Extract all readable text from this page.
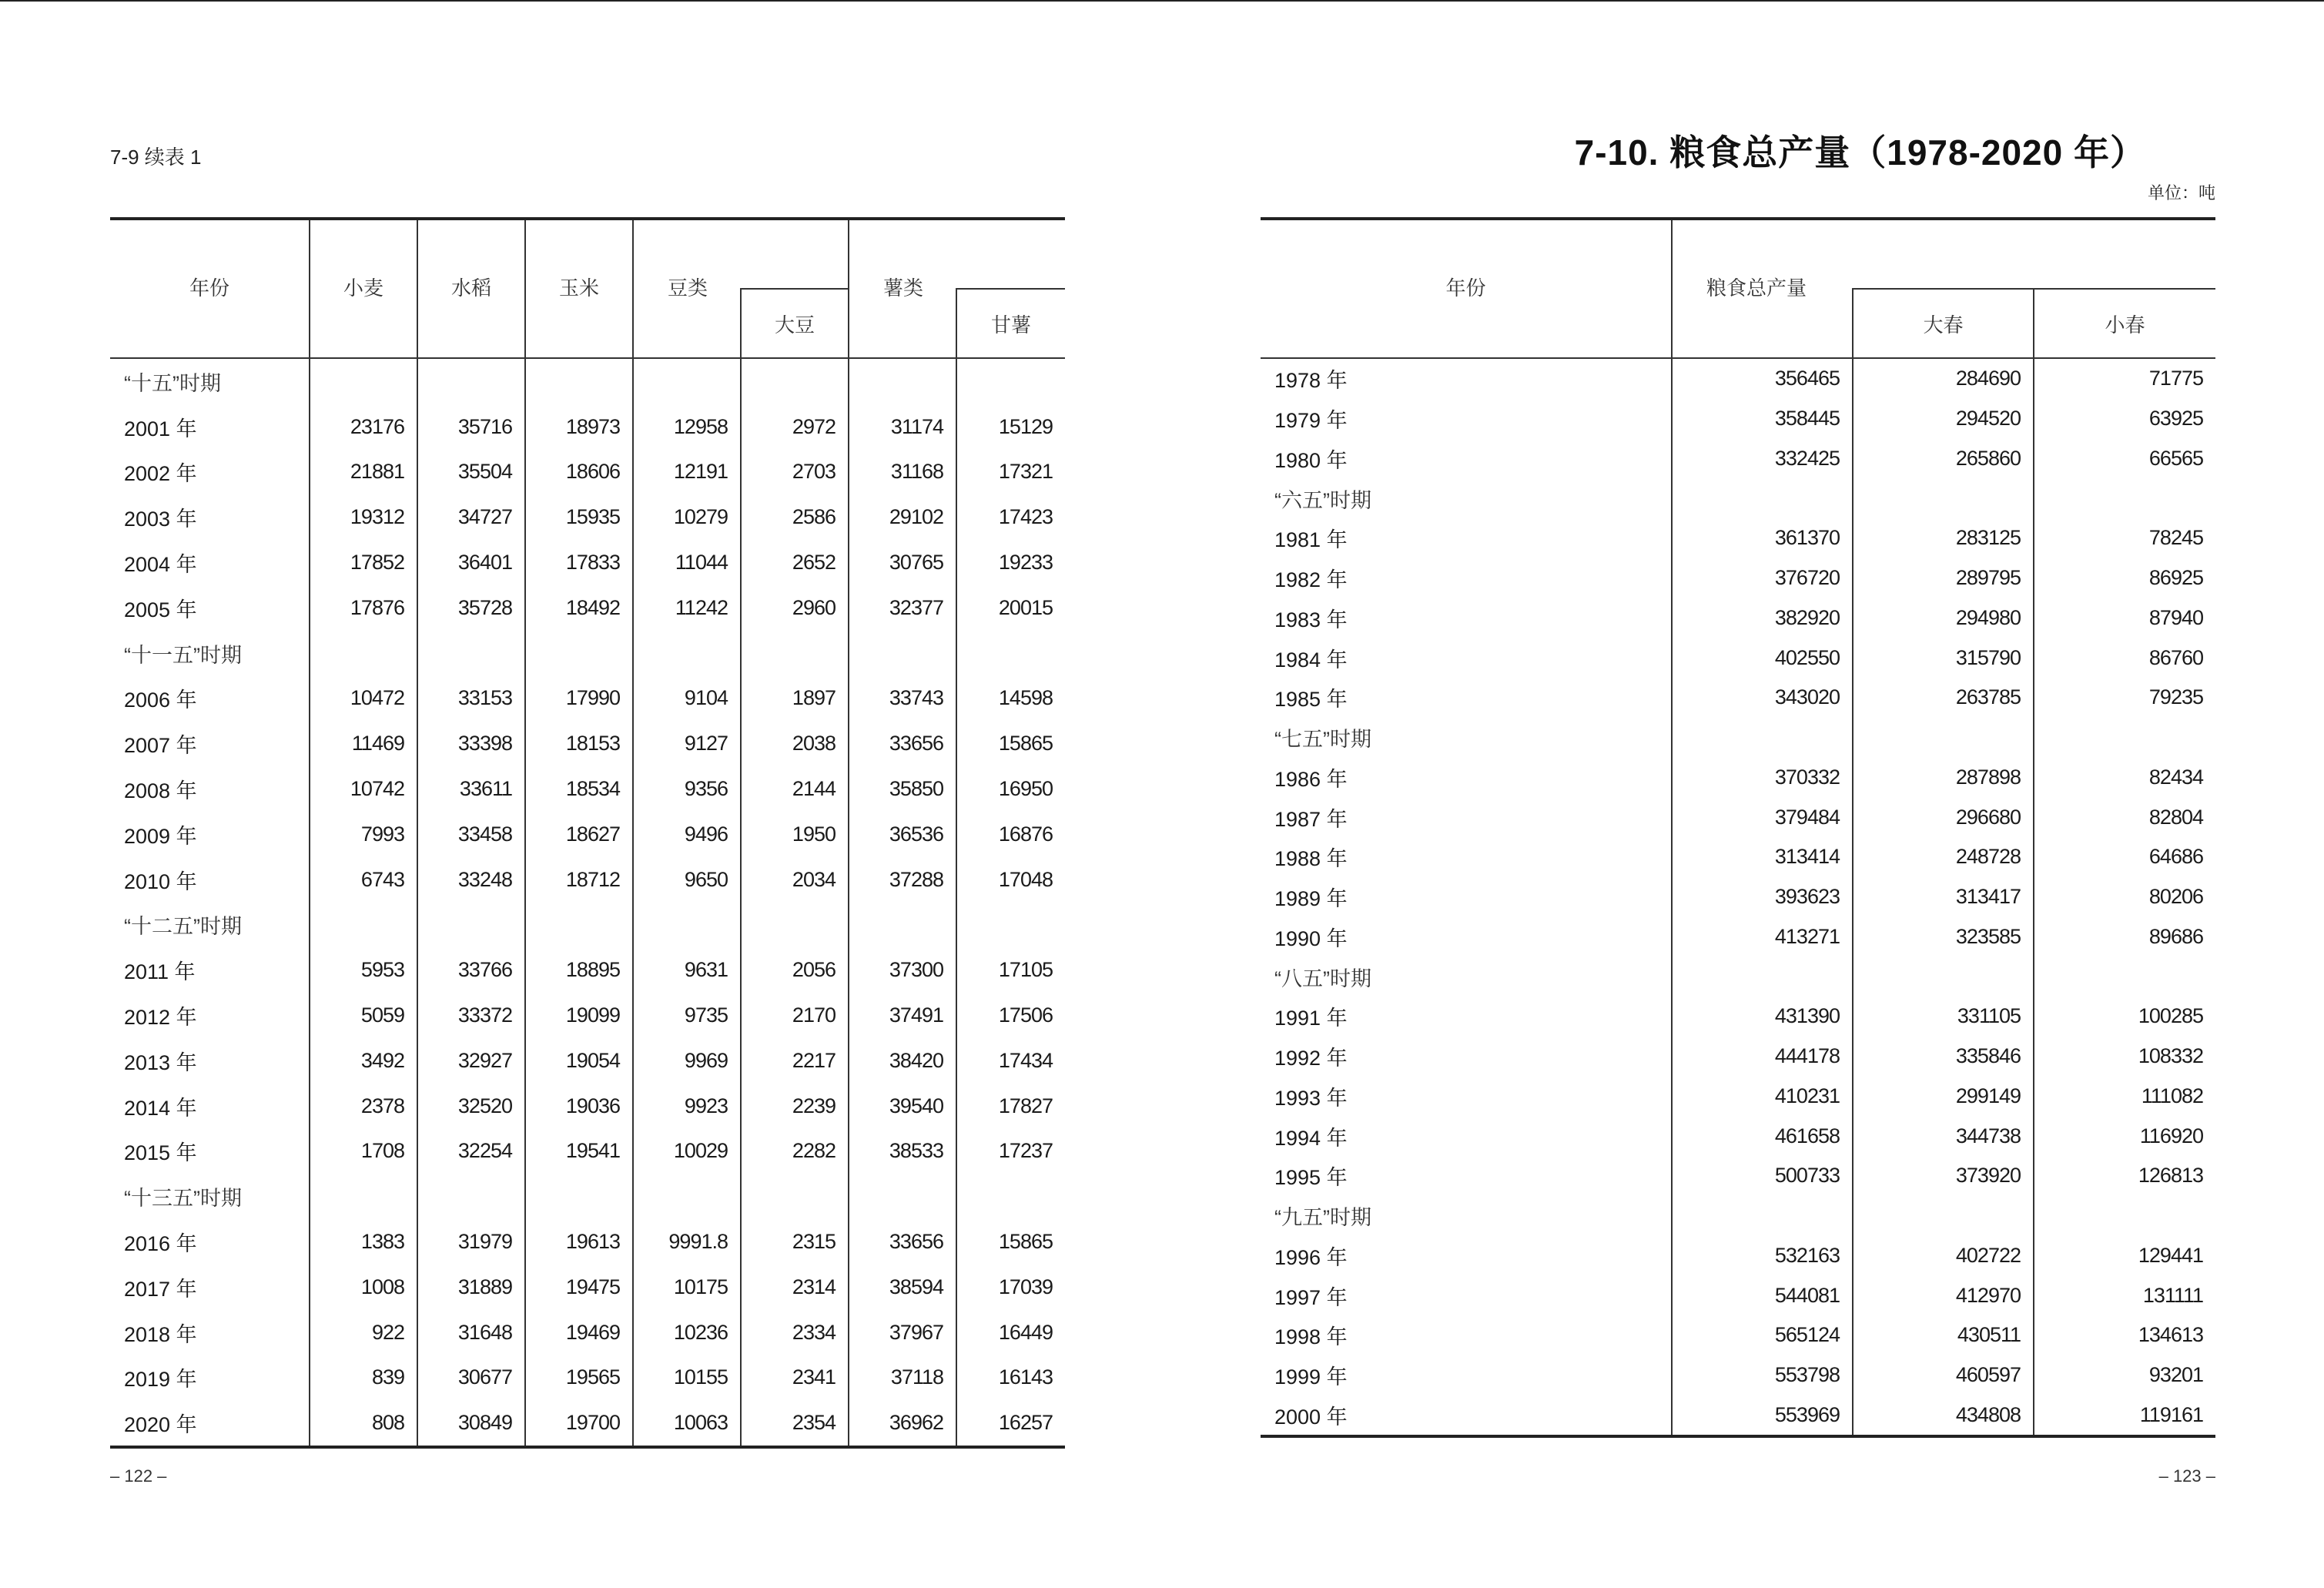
7-9 续表 1
年份	小麦	水稻	玉米	豆类		薯类	

					大豆		甘薯
“十五”时期							
2001 年	23176	35716	18973	12958	2972	31174	15129
2002 年	21881	35504	18606	12191	2703	31168	17321
2003 年	19312	34727	15935	10279	2586	29102	17423
2004 年	17852	36401	17833	11044	2652	30765	19233
2005 年	17876	35728	18492	11242	2960	32377	20015
“十一五”时期							
2006 年	10472	33153	17990	9104	1897	33743	14598
2007 年	11469	33398	18153	9127	2038	33656	15865
2008 年	10742	33611	18534	9356	2144	35850	16950
2009 年	7993	33458	18627	9496	1950	36536	16876
2010 年	6743	33248	18712	9650	2034	37288	17048
“十二五”时期							
2011 年	5953	33766	18895	9631	2056	37300	17105
2012 年	5059	33372	19099	9735	2170	37491	17506
2013 年	3492	32927	19054	9969	2217	38420	17434
2014 年	2378	32520	19036	9923	2239	39540	17827
2015 年	1708	32254	19541	10029	2282	38533	17237
“十三五”时期							
2016 年	1383	31979	19613	9991.8	2315	33656	15865
2017 年	1008	31889	19475	10175	2314	38594	17039
2018 年	922	31648	19469	10236	2334	37967	16449
2019 年	839	30677	19565	10155	2341	37118	16143
2020 年	808	30849	19700	10063	2354	36962	16257
– 122 –
7-10. 粮食总产量（1978-2020 年）
单位：吨
年份	粮食总产量		

		大春	小春
1978 年	356465	284690	71775
1979 年	358445	294520	63925
1980 年	332425	265860	66565
“六五”时期			
1981 年	361370	283125	78245
1982 年	376720	289795	86925
1983 年	382920	294980	87940
1984 年	402550	315790	86760
1985 年	343020	263785	79235
“七五”时期			
1986 年	370332	287898	82434
1987 年	379484	296680	82804
1988 年	313414	248728	64686
1989 年	393623	313417	80206
1990 年	413271	323585	89686
“八五”时期			
1991 年	431390	331105	100285
1992 年	444178	335846	108332
1993 年	410231	299149	111082
1994 年	461658	344738	116920
1995 年	500733	373920	126813
“九五”时期			
1996 年	532163	402722	129441
1997 年	544081	412970	131111
1998 年	565124	430511	134613
1999 年	553798	460597	93201
2000 年	553969	434808	119161
– 123 –
